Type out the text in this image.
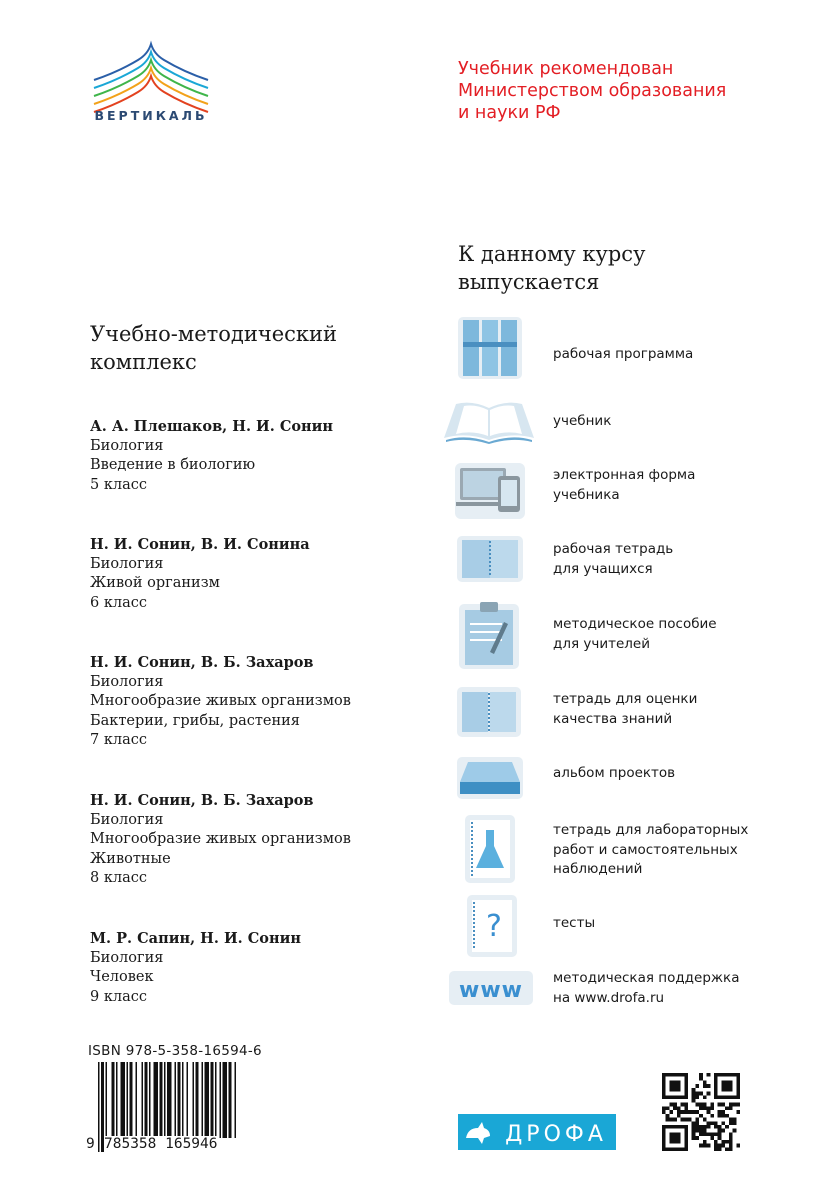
ВЕРТИКАЛЬ
Учебник рекомендован
Министерством образования
и науки РФ
К данному курсу
выпускается
Учебно-методический
комплекс
А. А. Плешаков, Н. И. Сонин
Биология
Введение в биологию
5 класс
Н. И. Сонин, В. И. Сонина
Биология
Живой организм
6 класс
Н. И. Сонин, В. Б. Захаров
Биология
Многообразие живых организмов
Бактерии, грибы, растения
7 класс
Н. И. Сонин, В. Б. Захаров
Биология
Многообразие живых организмов
Животные
8 класс
М. Р. Сапин, Н. И. Сонин
Биология
Человек
9 класс
?
www
рабочая программа
учебник
электронная форма
учебника
рабочая тетрадь
для учащихся
методическое пособие
для учителей
тетрадь для оценки
качества знаний
альбом проектов
тетрадь для лабораторных
работ и самостоятельных
наблюдений
тесты
методическая поддержка
на www.drofa.ru
ISBN 978-5-358-16594-6
9 785358 165946	ДРОФА
